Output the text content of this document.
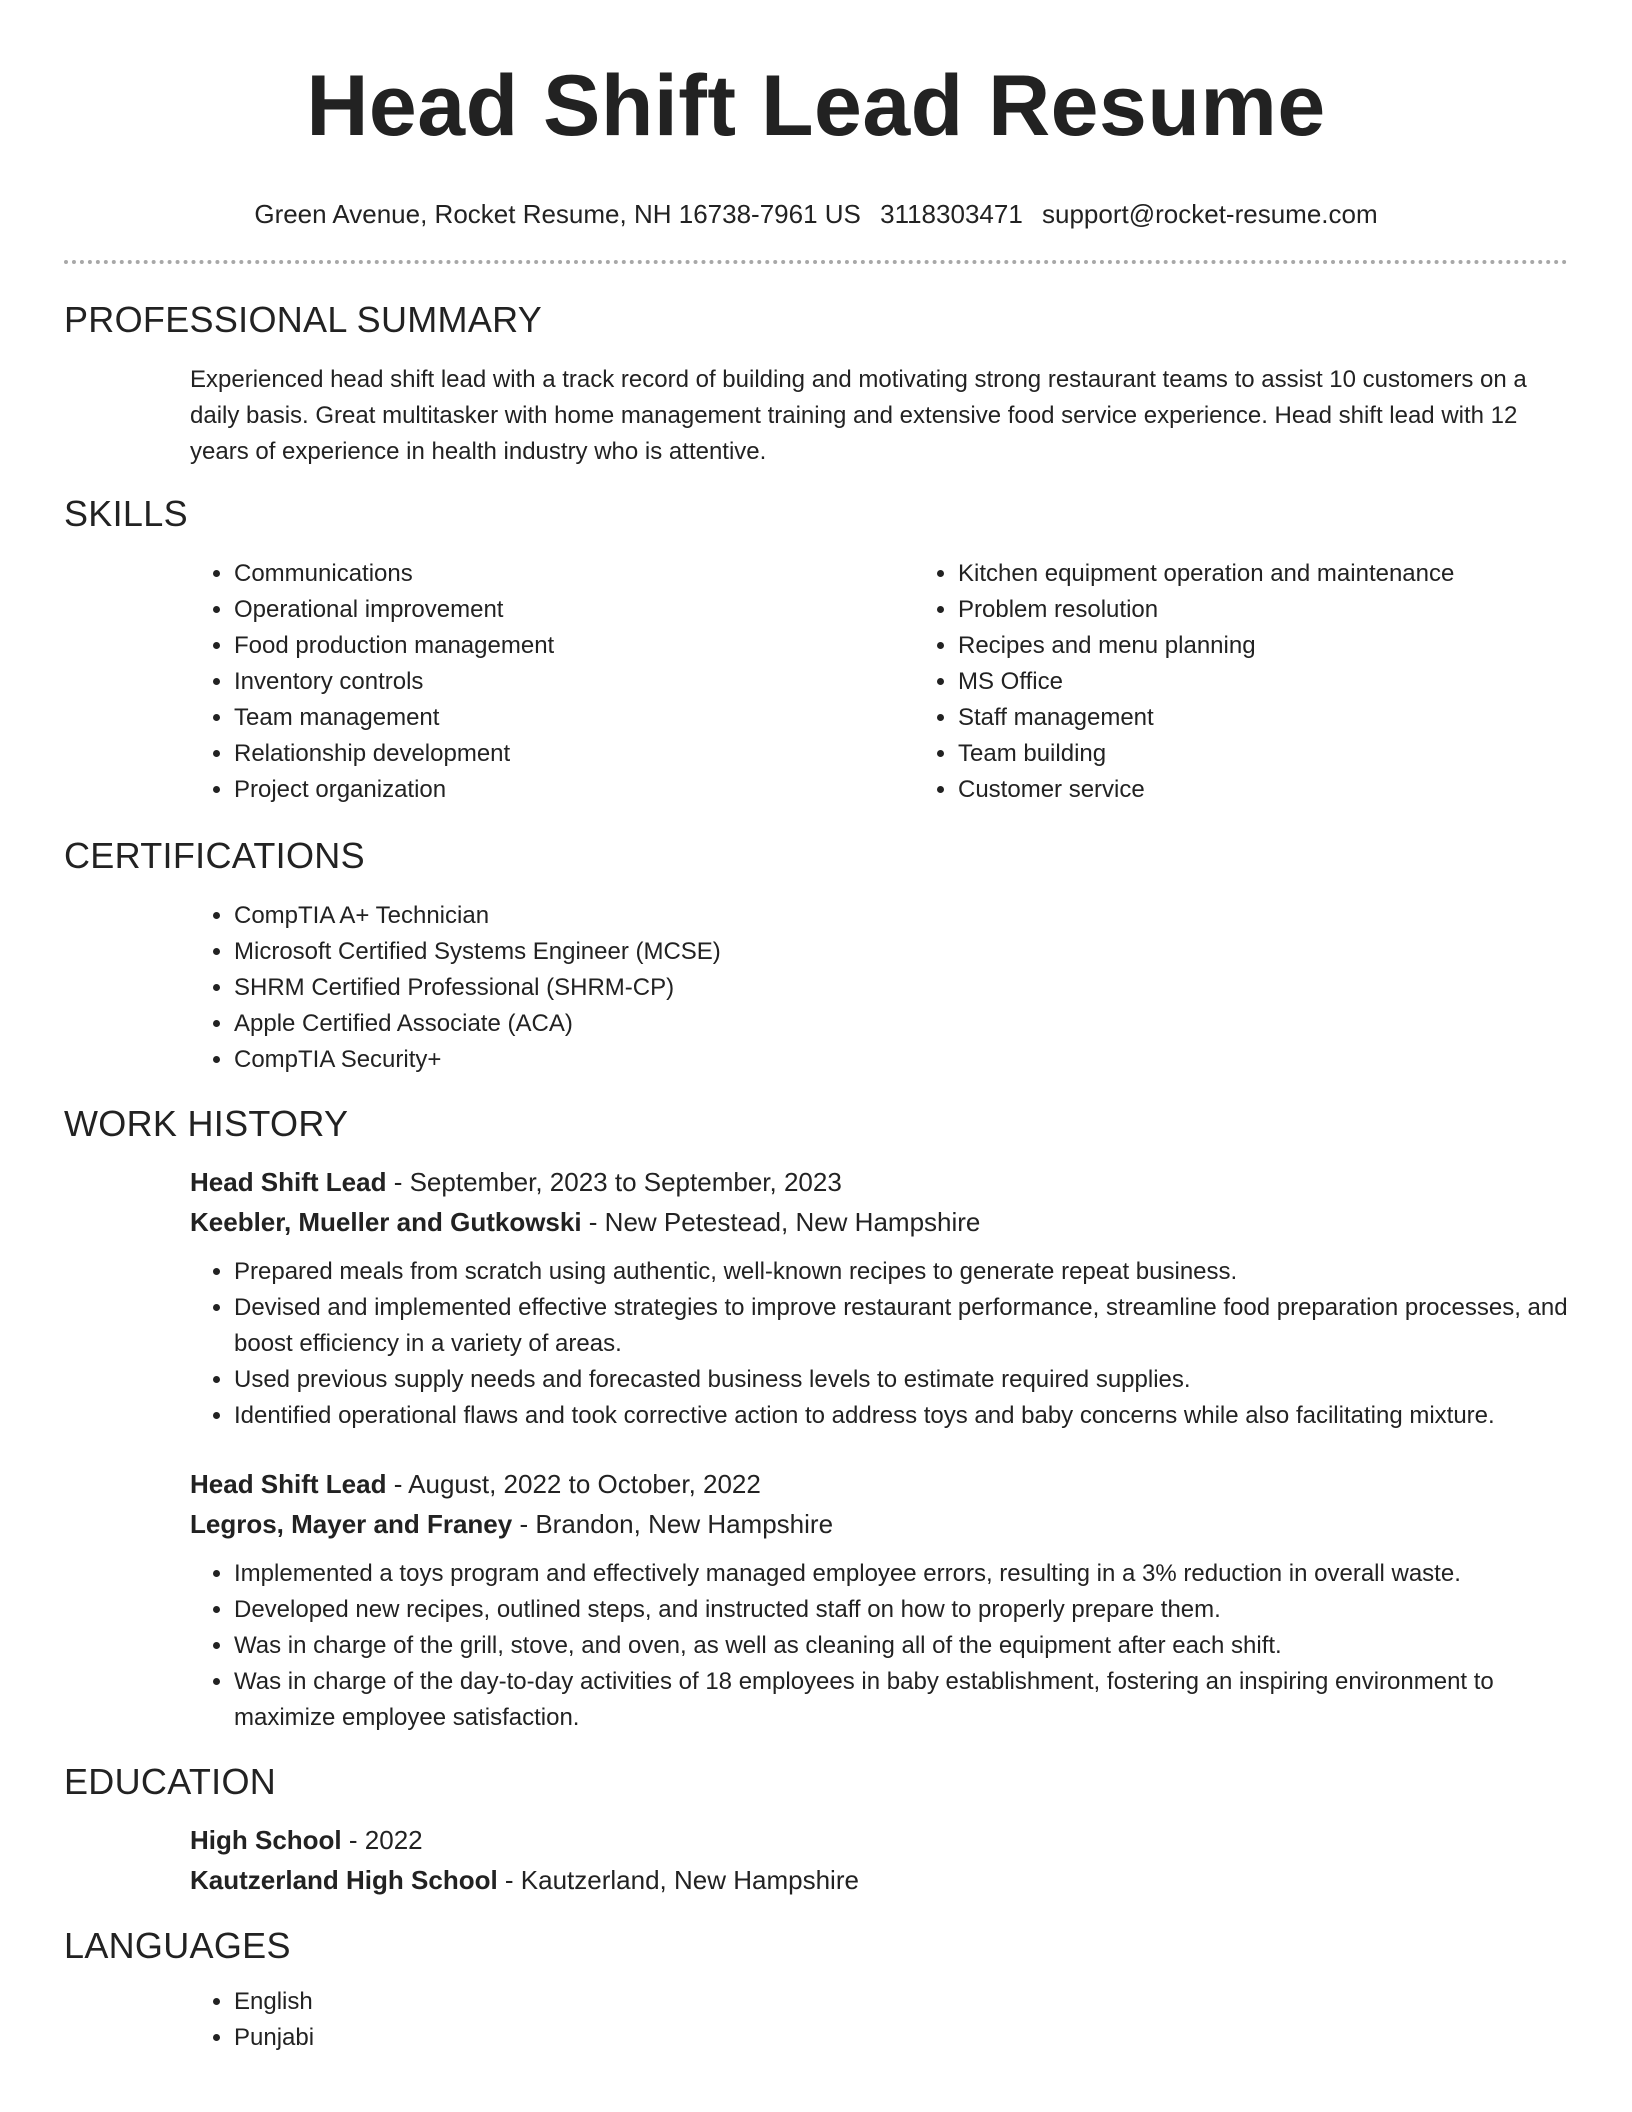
Head Shift Lead Resume
Green Avenue, Rocket Resume, NH 16738-7961 US 3118303471 support@rocket-resume.com
PROFESSIONAL SUMMARY

Experienced head shift lead with a track record of building and motivating strong restaurant teams to assist 10 customers on a daily basis. Great multitasker with home management training and extensive food service experience. Head shift lead with 12 years of experience in health industry who is attentive.

SKILLS
• Communications
• Operational improvement
• Food production management
• Inventory controls
• Team management
• Relationship development
• Project organization
• Kitchen equipment operation and maintenance
• Problem resolution
• Recipes and menu planning
• MS Office
• Staff management
• Team building
• Customer service
CERTIFICATIONS
• CompTIA A+ Technician
• Microsoft Certified Systems Engineer (MCSE)
• SHRM Certified Professional (SHRM-CP)
• Apple Certified Associate (ACA)
• CompTIA Security+
WORK HISTORY
Head Shift Lead - September, 2023 to September, 2023
Keebler, Mueller and Gutkowski - New Petestead, New Hampshire
• Prepared meals from scratch using authentic, well-known recipes to generate repeat business.
• Devised and implemented effective strategies to improve restaurant performance, streamline food preparation processes, and boost efficiency in a variety of areas.
• Used previous supply needs and forecasted business levels to estimate required supplies.
• Identified operational flaws and took corrective action to address toys and baby concerns while also facilitating mixture.
Head Shift Lead - August, 2022 to October, 2022
Legros, Mayer and Franey - Brandon, New Hampshire
• Implemented a toys program and effectively managed employee errors, resulting in a 3% reduction in overall waste.
• Developed new recipes, outlined steps, and instructed staff on how to properly prepare them.
• Was in charge of the grill, stove, and oven, as well as cleaning all of the equipment after each shift.
• Was in charge of the day-to-day activities of 18 employees in baby establishment, fostering an inspiring environment to maximize employee satisfaction.
EDUCATION
High School - 2022
Kautzerland High School - Kautzerland, New Hampshire
LANGUAGES
• English
• Punjabi
